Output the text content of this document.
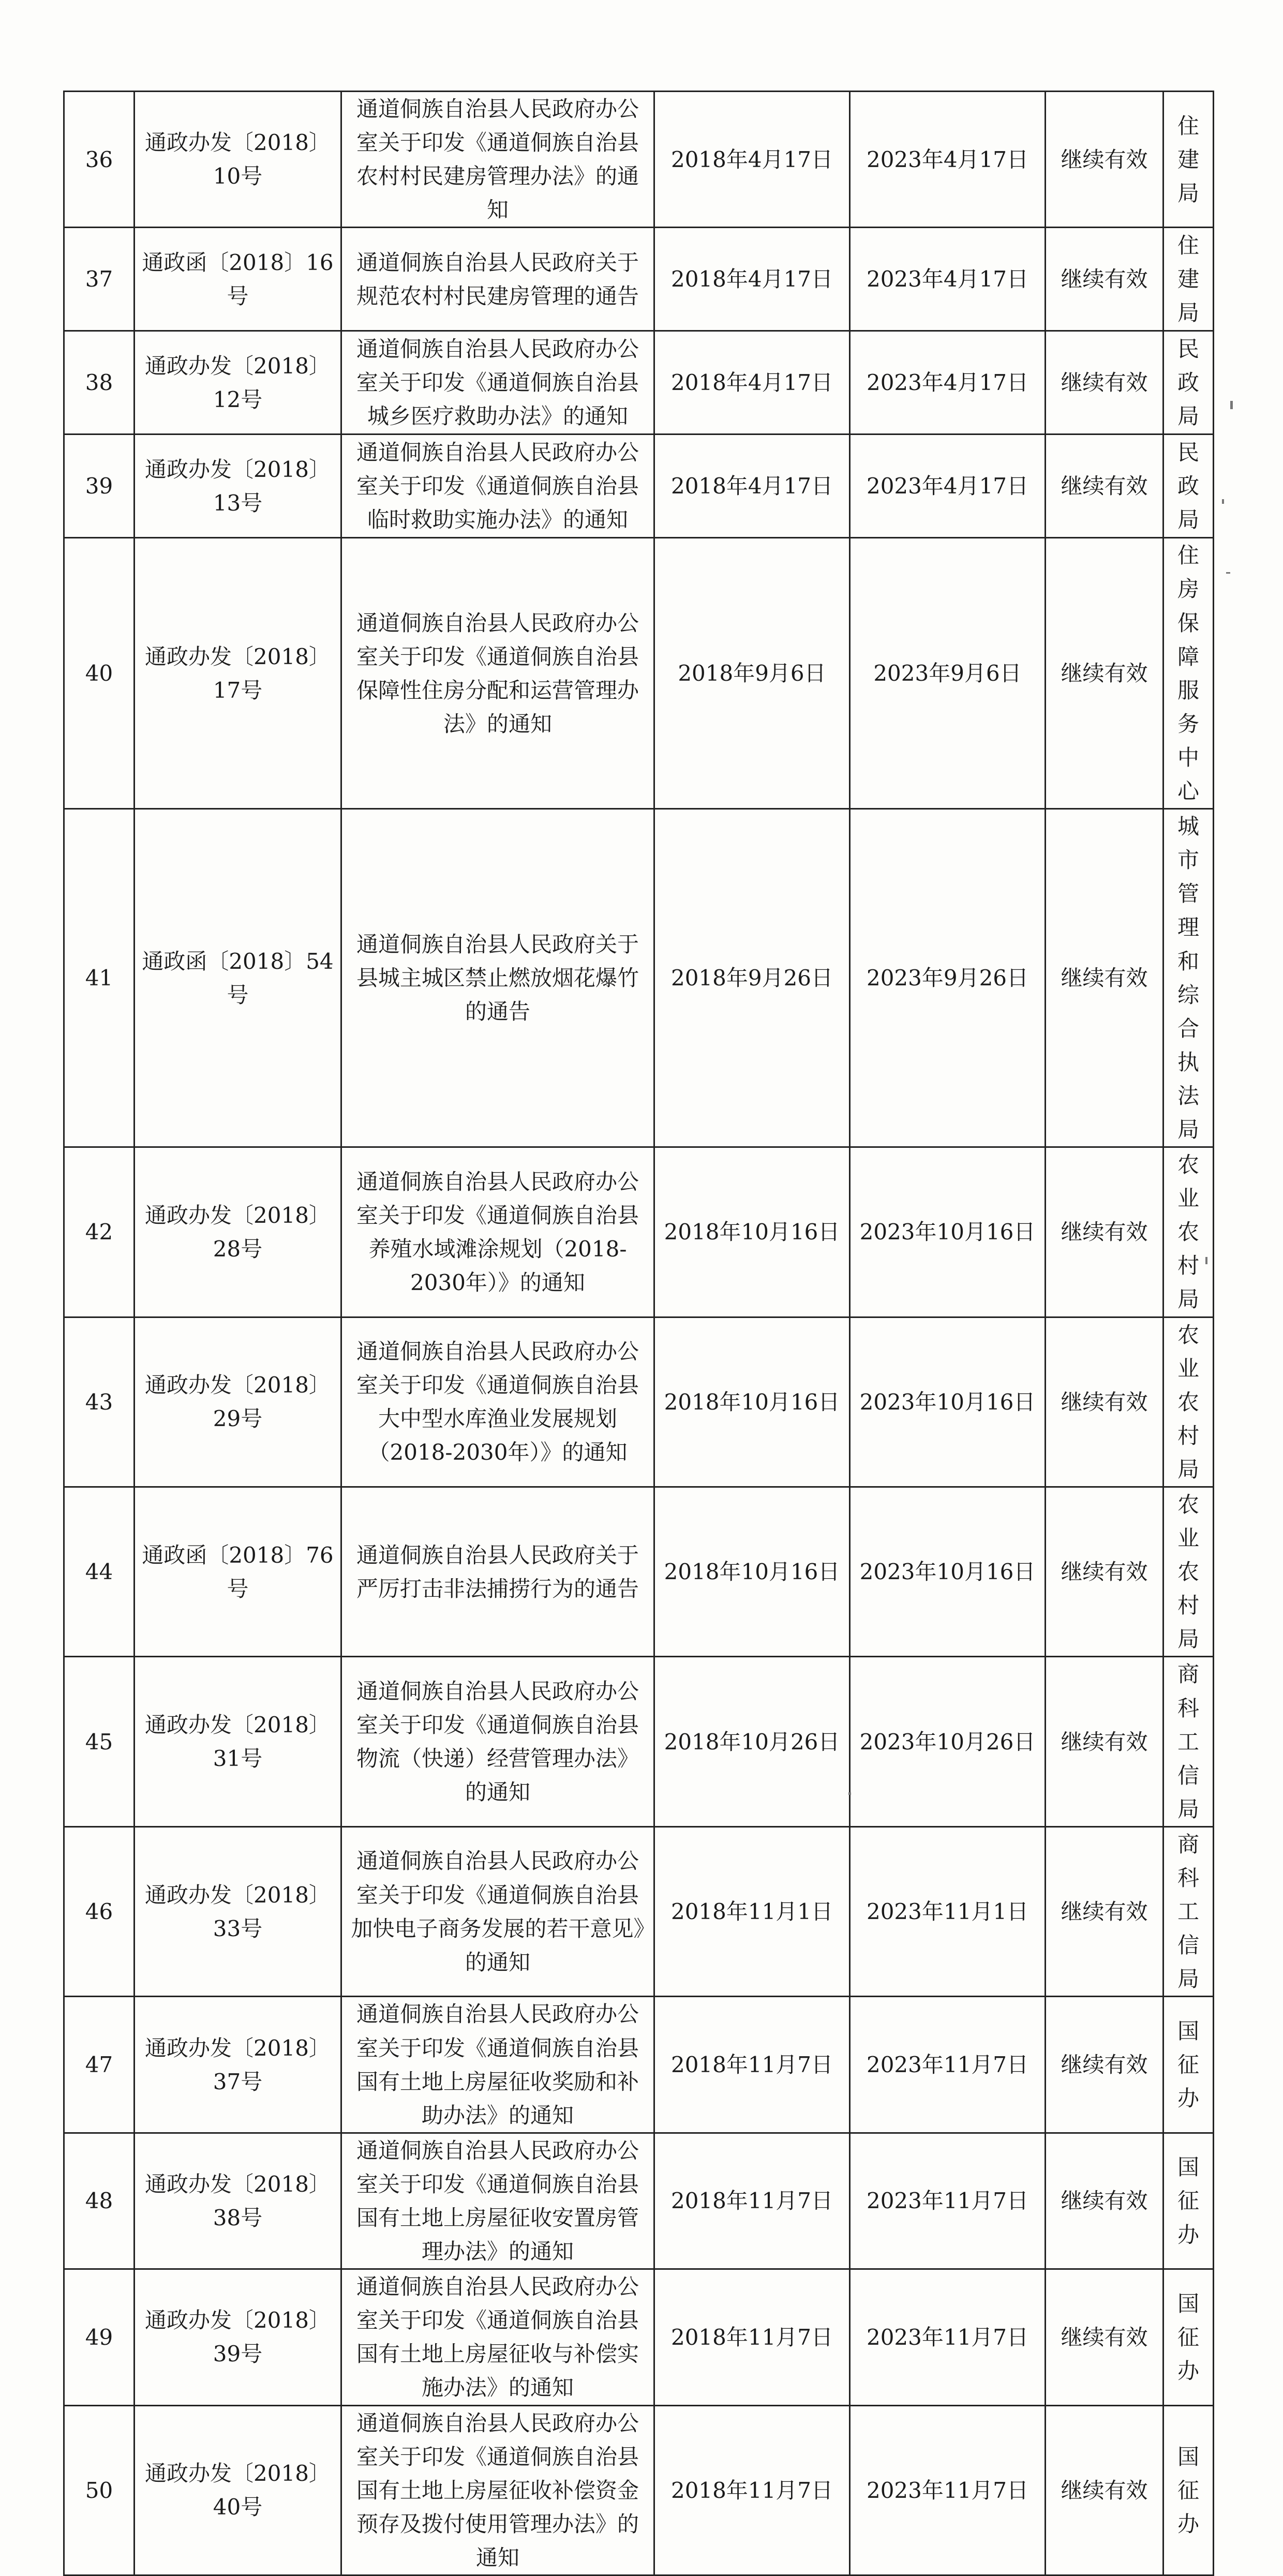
36	通政办发〔2018〕10号	通道侗族自治县人民政府办公室关于印发《通道侗族自治县农村村民建房管理办法》的通知	2018年4月17日	2023年4月17日	继续有效	住建局
37	通政函〔2018〕16号	通道侗族自治县人民政府关于规范农村村民建房管理的通告	2018年4月17日	2023年4月17日	继续有效	住建局
38	通政办发〔2018〕12号	通道侗族自治县人民政府办公室关于印发《通道侗族自治县城乡医疗救助办法》的通知	2018年4月17日	2023年4月17日	继续有效	民政局
39	通政办发〔2018〕13号	通道侗族自治县人民政府办公室关于印发《通道侗族自治县临时救助实施办法》的通知	2018年4月17日	2023年4月17日	继续有效	民政局
40	通政办发〔2018〕17号	通道侗族自治县人民政府办公室关于印发《通道侗族自治县保障性住房分配和运营管理办法》的通知	2018年9月6日	2023年9月6日	继续有效	住房保障服务中心
41	通政函〔2018〕54号	通道侗族自治县人民政府关于县城主城区禁止燃放烟花爆竹的通告	2018年9月26日	2023年9月26日	继续有效	城市管理和综合执法局
42	通政办发〔2018〕28号	通道侗族自治县人民政府办公室关于印发《通道侗族自治县养殖水域滩涂规划（2018-2030年）》的通知	2018年10月16日	2023年10月16日	继续有效	农业农村局
43	通政办发〔2018〕29号	通道侗族自治县人民政府办公室关于印发《通道侗族自治县大中型水库渔业发展规划（2018-2030年）》的通知	2018年10月16日	2023年10月16日	继续有效	农业农村局
44	通政函〔2018〕76号	通道侗族自治县人民政府关于严厉打击非法捕捞行为的通告	2018年10月16日	2023年10月16日	继续有效	农业农村局
45	通政办发〔2018〕31号	通道侗族自治县人民政府办公室关于印发《通道侗族自治县物流（快递）经营管理办法》的通知	2018年10月26日	2023年10月26日	继续有效	商科工信局
46	通政办发〔2018〕33号	通道侗族自治县人民政府办公室关于印发《通道侗族自治县加快电子商务发展的若干意见》的通知	2018年11月1日	2023年11月1日	继续有效	商科工信局
47	通政办发〔2018〕37号	通道侗族自治县人民政府办公室关于印发《通道侗族自治县国有土地上房屋征收奖励和补助办法》的通知	2018年11月7日	2023年11月7日	继续有效	国征办
48	通政办发〔2018〕38号	通道侗族自治县人民政府办公室关于印发《通道侗族自治县国有土地上房屋征收安置房管理办法》的通知	2018年11月7日	2023年11月7日	继续有效	国征办
49	通政办发〔2018〕39号	通道侗族自治县人民政府办公室关于印发《通道侗族自治县国有土地上房屋征收与补偿实施办法》的通知	2018年11月7日	2023年11月7日	继续有效	国征办
50	通政办发〔2018〕40号	通道侗族自治县人民政府办公室关于印发《通道侗族自治县国有土地上房屋征收补偿资金预存及拨付使用管理办法》的通知	2018年11月7日	2023年11月7日	继续有效	国征办
